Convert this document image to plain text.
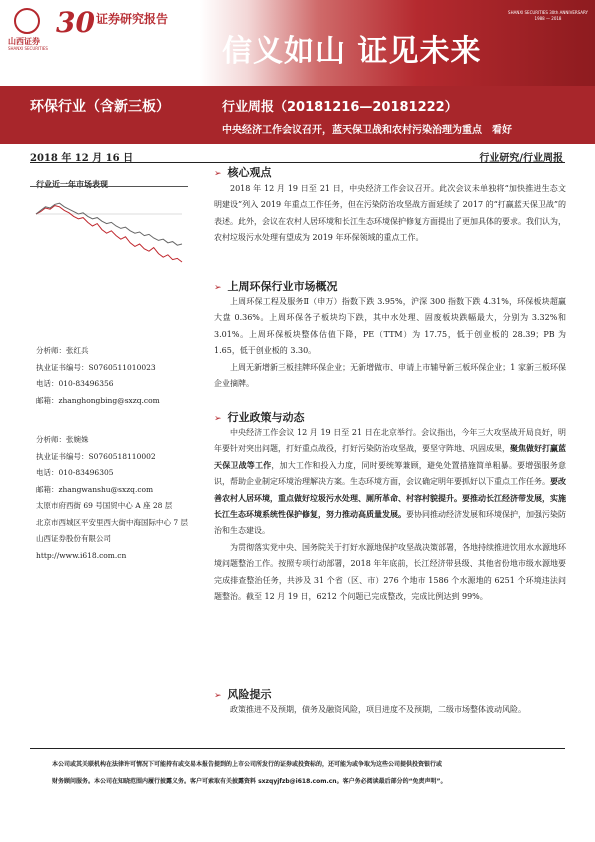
山西证券
SHANXI SECURITIES
30 证券研究报告	SHANXI SECURITIES 30th ANNIVERSARY 1988 — 2018
信义如山 证见未来
环保行业（含新三板）	行业周报（20181216—20181222）
中央经济工作会议召开，蓝天保卫战和农村污染治理为重点　看好
2018 年 12 月 16 日	行业研究/行业周报
行业近一年市场表现
分析师：张红兵
执业证书编号：S0760511010023
电话：010-83496356
邮箱：zhanghongbing@sxzq.com
分析师：张婉姝
执业证书编号：S0760518110002
电话：010-83496305
邮箱：zhangwanshu@sxzq.com
太原市府西街 69 号国贸中心 A 座 28 层
北京市西城区平安里西大街中海国际中心 7 层
山西证券股份有限公司
http://www.i618.com.cn
➢ 核心观点

2018 年 12 月 19 日至 21 日，中央经济工作会议召开。此次会议未单独将“加快推进生态文明建设”列入 2019 年重点工作任务，但在污染防治攻坚战方面延续了 2017 的“打赢蓝天保卫战”的表述。此外，会议在农村人居环境和长江生态环境保护修复方面提出了更加具体的要求。我们认为，农村垃圾污水处理有望成为 2019 年环保领域的重点工作。

➢ 上周环保行业市场概况

上周环保工程及服务Ⅱ（申万）指数下跌 3.95%，沪深 300 指数下跌 4.31%，环保板块超赢大盘 0.36%。上周环保各子板块均下跌，其中水处理、固废板块跌幅最大，分别为 3.32%和 3.01%。上周环保板块整体估值下降，PE（TTM）为 17.75，低于创业板的 28.39；PB 为 1.65，低于创业板的 3.30。

上周无新增新三板挂牌环保企业；无新增做市、申请上市辅导新三板环保企业；1 家新三板环保企业摘牌。

➢ 行业政策与动态

中央经济工作会议 12 月 19 日至 21 日在北京举行。会议指出，今年三大攻坚战开局良好，明年要针对突出问题，打好重点战役，打好污染防治攻坚战，要坚守阵地、巩固成果，聚焦做好打赢蓝天保卫战等工作，加大工作和投入力度，同时要统筹兼顾，避免处置措施简单粗暴。要增强服务意识，帮助企业制定环境治理解决方案。生态环境方面，会议确定明年要抓好以下重点工作任务。要改善农村人居环境，重点做好垃圾污水处理、厕所革命、村容村貌提升。要推动长江经济带发展，实施长江生态环境系统性保护修复，努力推动高质量发展。要协同推动经济发展和环境保护，加强污染防治和生态建设。

为贯彻落实党中央、国务院关于打好水源地保护攻坚战决策部署，各地持续推进饮用水水源地环境问题整治工作。按照专项行动部署，2018 年年底前，长江经济带县级、其他省份地市级水源地要完成排查整治任务，共涉及 31 个省（区、市）276 个地市 1586 个水源地的 6251 个环境违法问题整治。截至 12 月 19 日，6212 个问题已完成整改，完成比例达到 99%。

➢ 风险提示

政策推进不及预期，债务及融资风险，项目进度不及预期，二级市场整体波动风险。

本公司或其关联机构在法律许可情况下可能持有或交易本报告提到的上市公司所发行的证券或投资标的，还可能为或争取为这些公司提供投资银行或
财务顾问服务。本公司在知晓范围内履行披露义务。客户可索取有关披露资料 sxzqyjfzb@i618.com.cn。客户务必阅读最后部分的“免责声明”。
